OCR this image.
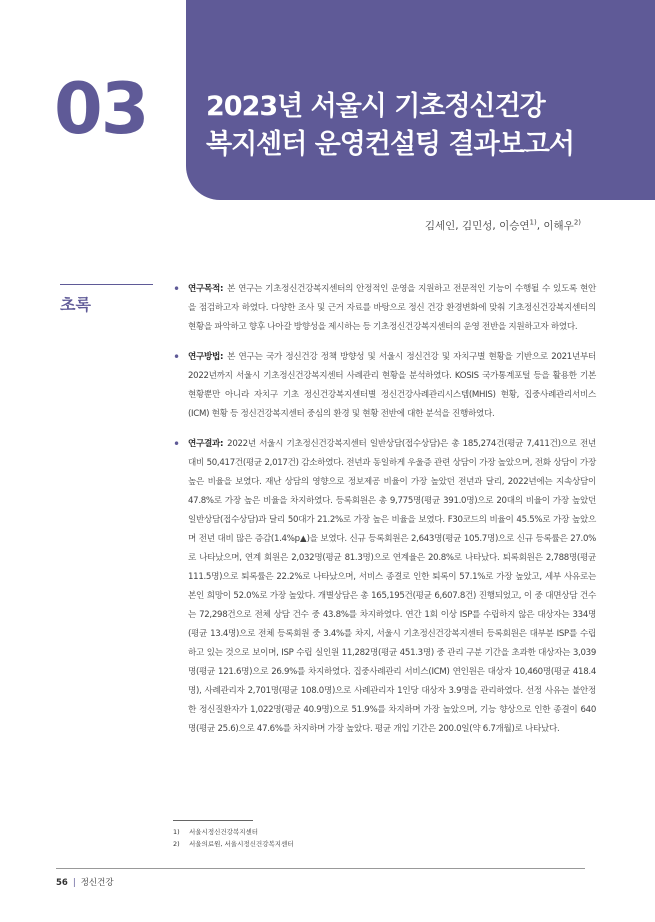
03 2023년 서울시 기초정신건강
복지센터 운영컨설팅 결과보고서
김세인, 김민성, 이승연$^{1)}$, 이해우$^{2)}$
초록
• 연구목적: 본 연구는 기초정신건강복지센터의 안정적인 운영을 지원하고 전문적인 기능이 수행될 수 있도록 현안을 점검하고자 하였다. 다양한 조사 및 근거 자료를 바탕으로 정신 건강 환경변화에 맞춰 기초정신건강복지센터의 현황을 파악하고 향후 나아갈 방향성을 제시하는 등 기초정신건강복지센터의 운영 전반을 지원하고자 하였다.
• 연구방법: 본 연구는 국가 정신건강 정책 방향성 및 서울시 정신건강 및 자치구별 현황을 기반으로 2021년부터 2022년까지 서울시 기초정신건강복지센터 사례관리 현황을 분석하였다. KOSIS 국가통계포털 등을 활용한 기본 현황뿐만 아니라 자치구 기초 정신건강복지센터별 정신건강사례관리시스템(MHIS) 현황, 집중사례관리서비스(ICM) 현황 등 정신건강복지센터 중심의 환경 및 현황 전반에 대한 분석을 진행하였다.
• 연구결과: 2022년 서울시 기초정신건강복지센터 일반상담(접수상담)은 총 185,274건(평균 7,411건)으로 전년 대비 50,417건(평균 2,017건) 감소하였다. 전년과 동일하게 우울증 관련 상담이 가장 높았으며, 전화 상담이 가장 높은 비율을 보였다. 재난 상담의 영향으로 정보제공 비율이 가장 높았던 전년과 달리, 2022년에는 지속상담이 47.8%로 가장 높은 비율을 차지하였다. 등록회원은 총 9,775명(평균 391.0명)으로 20대의 비율이 가장 높았던 일반상담(접수상담)과 달리 50대가 21.2%로 가장 높은 비율을 보였다. F30코드의 비율이 45.5%로 가장 높았으며 전년 대비 많은 증감(1.4%p▲)을 보였다. 신규 등록회원은 2,643명(평균 105.7명)으로 신규 등록률은 27.0%로 나타났으며, 연계 회원은 2,032명(평균 81.3명)으로 연계율은 20.8%로 나타났다. 퇴록회원은 2,788명(평균 111.5명)으로 퇴록률은 22.2%로 나타났으며, 서비스 종결로 인한 퇴록이 57.1%로 가장 높았고, 세부 사유로는 본인 희망이 52.0%로 가장 높았다. 개별상담은 총 165,195건(평균 6,607.8건) 진행되었고, 이 중 대면상담 건수는 72,298건으로 전체 상담 건수 중 43.8%를 차지하였다. 연간 1회 이상 ISP를 수립하지 않은 대상자는 334명(평균 13.4명)으로 전체 등록회원 중 3.4%를 차지, 서울시 기초정신건강복지센터 등록회원은 대부분 ISP를 수립하고 있는 것으로 보이며, ISP 수립 실인원 11,282명(평균 451.3명) 중 관리 구분 기간을 초과한 대상자는 3,039명(평균 121.6명)으로 26.9%를 차지하였다. 집중사례관리 서비스(ICM) 연인원은 대상자 10,460명(평균 418.4명), 사례관리자 2,701명(평균 108.0명)으로 사례관리자 1인당 대상자 3.9명을 관리하였다. 선정 사유는 불안정한 정신질환자가 1,022명(평균 40.9명)으로 51.9%를 차지하며 가장 높았으며, 기능 향상으로 인한 종결이 640명(평균 25.6)으로 47.6%를 차지하며 가장 높았다. 평균 개입 기간은 200.0일(약 6.7개월)로 나타났다.
1) 서울시정신건강복지센터
2) 서울의료원, 서울시정신건강복지센터
56 | 정신건강
